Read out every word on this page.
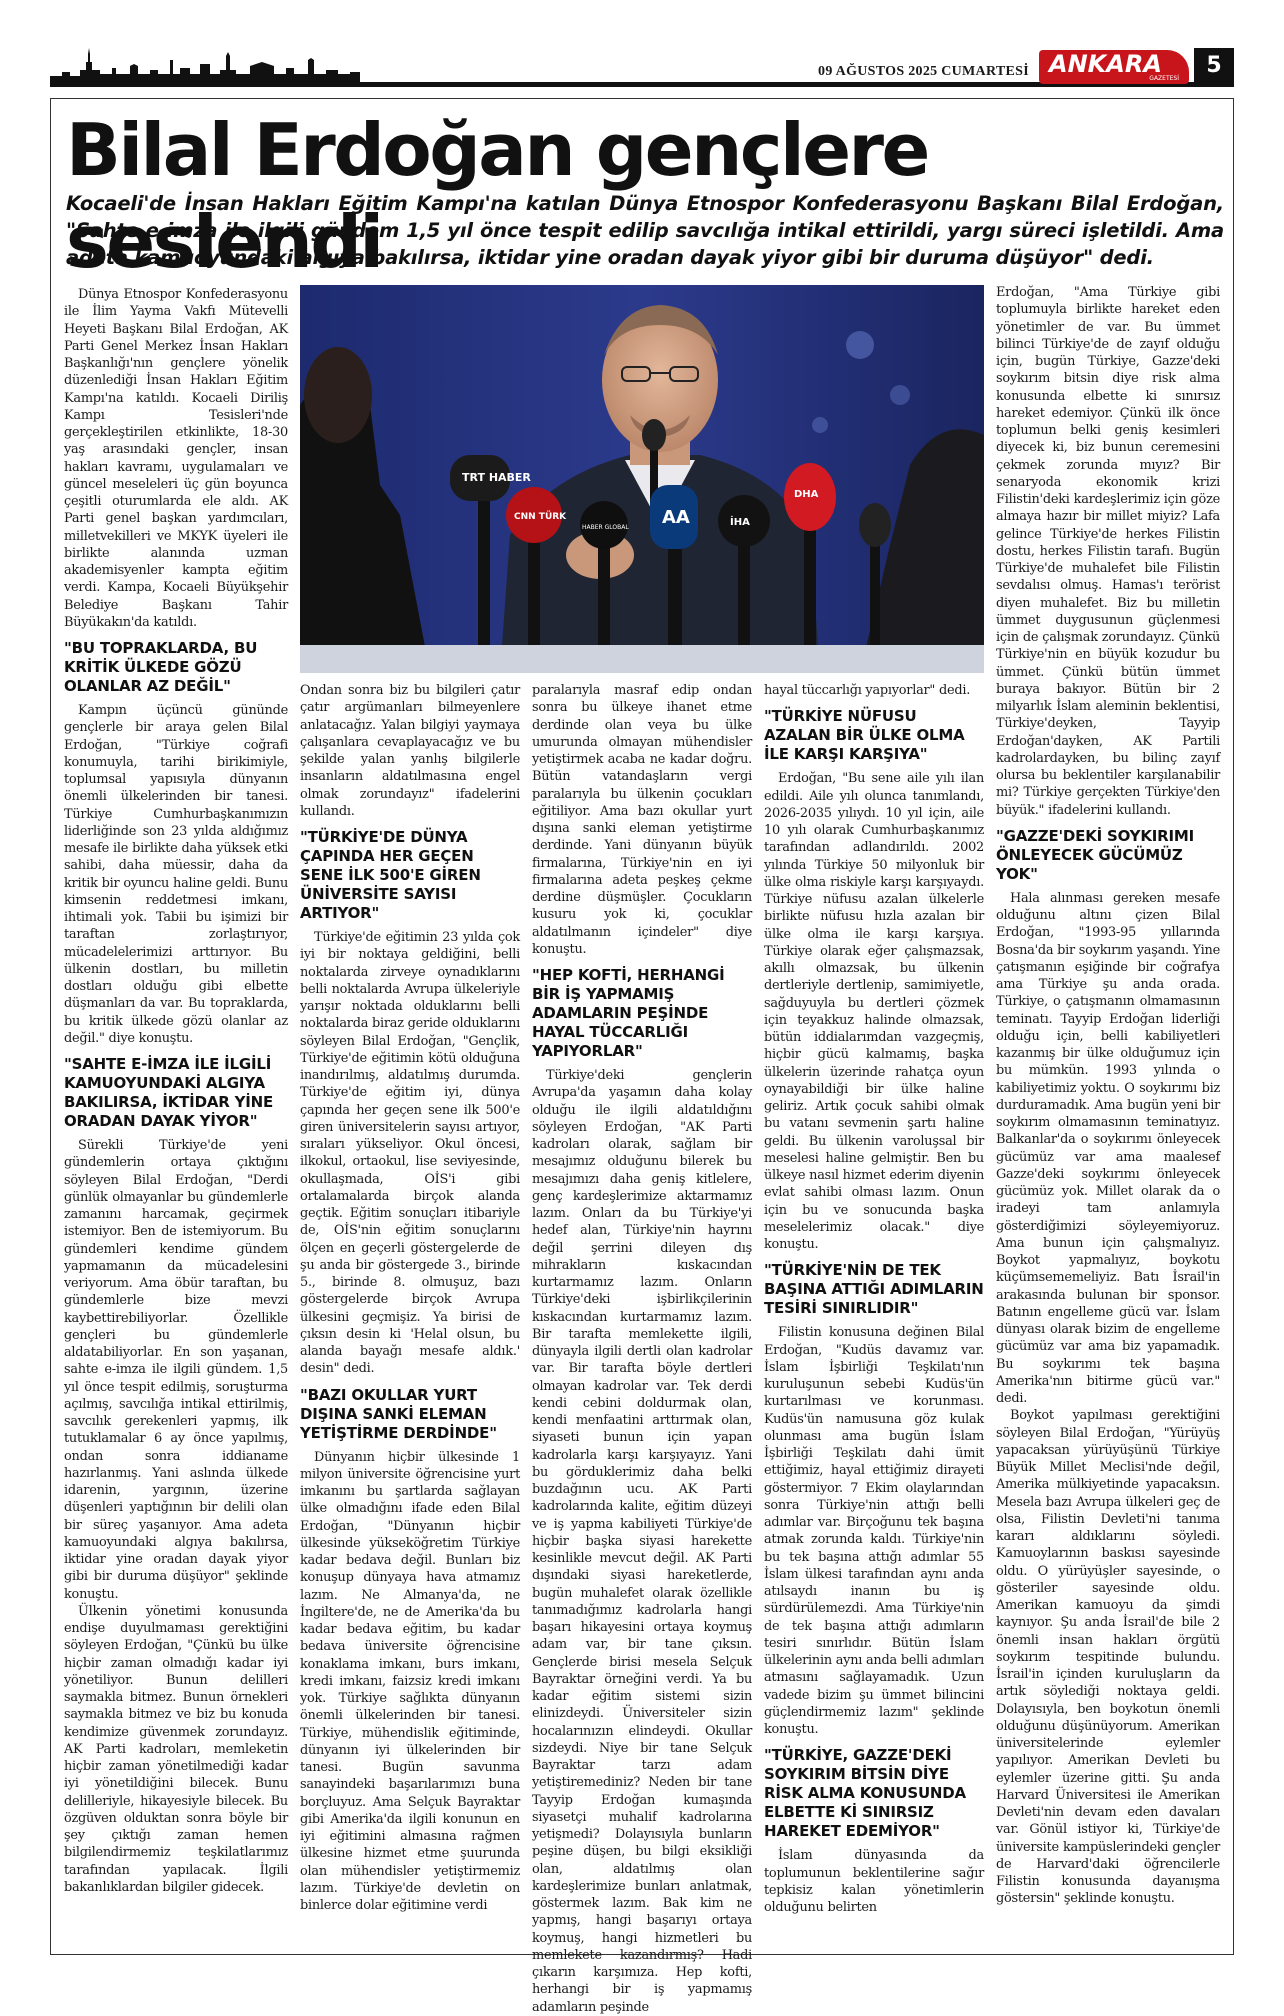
09 AĞUSTOS 2025 CUMARTESİ ANKARA
GAZETESİ
5
Bilal Erdoğan gençlere seslendi
Kocaeli'de İnsan Hakları Eğitim Kampı'na katılan Dünya Etnospor Konfederasyonu Başkanı Bilal Erdoğan, "Sahte e-imza ile ilgili gündem 1,5 yıl önce tespit edilip savcılığa intikal ettirildi, yargı süreci işletildi. Ama adeta kamuoyundaki algıya bakılırsa, iktidar yine oradan dayak yiyor gibi bir duruma düşüyor" dedi.

Dünya Etnospor Konfederasyonu ile İlim Yayma Vakfı Mütevelli Heyeti Başkanı Bilal Erdoğan, AK Parti Genel Merkez İnsan Hakları Başkanlığı'nın gençlere yönelik düzenlediği İnsan Hakları Eğitim Kampı'na katıldı. Kocaeli Diriliş Kampı Tesisleri'nde gerçekleştirilen etkinlikte, 18-30 yaş arasındaki gençler, insan hakları kavramı, uygulamaları ve güncel meseleleri üç gün boyunca çeşitli oturumlarda ele aldı. AK Parti genel başkan yardımcıları, milletvekilleri ve MKYK üyeleri ile birlikte alanında uzman akademisyenler kampta eğitim verdi. Kampa, Kocaeli Büyükşehir Belediye Başkanı Tahir Büyükakın'da katıldı.

"BU TOPRAKLARDA, BU KRİTİK ÜLKEDE GÖZÜ OLANLAR AZ DEĞİL"

Kampın üçüncü gününde gençlerle bir araya gelen Bilal Erdoğan, "Türkiye coğrafi konumuyla, tarihi birikimiyle, toplumsal yapısıyla dünyanın önemli ülkelerinden bir tanesi. Türkiye Cumhurbaşkanımızın liderliğinde son 23 yılda aldığımız mesafe ile birlikte daha yüksek etki sahibi, daha müessir, daha da kritik bir oyuncu haline geldi. Bunu kimsenin reddetmesi imkanı, ihtimali yok. Tabii bu işimizi bir taraftan zorlaştırıyor, mücadelelerimizi arttırıyor. Bu ülkenin dostları, bu milletin dostları olduğu gibi elbette düşmanları da var. Bu topraklarda, bu kritik ülkede gözü olanlar az değil." diye konuştu.

"SAHTE E-İMZA İLE İLGİLİ KAMUOYUNDAKİ ALGIYA BAKILIRSA, İKTİDAR YİNE ORADAN DAYAK YİYOR"

Sürekli Türkiye'de yeni gündemlerin ortaya çıktığını söyleyen Bilal Erdoğan, "Derdi günlük olmayanlar bu gündemlerle zamanını harcamak, geçirmek istemiyor. Ben de istemiyorum. Bu gündemleri kendime gündem yapmamanın da mücadelesini veriyorum. Ama öbür taraftan, bu gündemlerle bize mevzi kaybettirebiliyorlar. Özellikle gençleri bu gündemlerle aldatabiliyorlar. En son yaşanan, sahte e-imza ile ilgili gündem. 1,5 yıl önce tespit edilmiş, soruşturma açılmış, savcılığa intikal ettirilmiş, savcılık gerekenleri yapmış, ilk tutuklamalar 6 ay önce yapılmış, ondan sonra iddianame hazırlanmış. Yani aslında ülkede idarenin, yargının, üzerine düşenleri yaptığının bir delili olan bir süreç yaşanıyor. Ama adeta kamuoyundaki algıya bakılırsa, iktidar yine oradan dayak yiyor gibi bir duruma düşüyor" şeklinde konuştu.

Ülkenin yönetimi konusunda endişe duyulmaması gerektiğini söyleyen Erdoğan, "Çünkü bu ülke hiçbir zaman olmadığı kadar iyi yönetiliyor. Bunun delilleri saymakla bitmez. Bunun örnekleri saymakla bitmez ve biz bu konuda kendimize güvenmek zorundayız. AK Parti kadroları, memleketin hiçbir zaman yönetilmediği kadar iyi yönetildiğini bilecek. Bunu delilleriyle, hikayesiyle bilecek. Bu özgüven olduktan sonra böyle bir şey çıktığı zaman hemen bilgilendirmemiz teşkilatlarımız tarafından yapılacak. İlgili bakanlıklardan bilgiler gidecek.

TRT HABER
CNN TÜRK
HABER GLOBAL AA	İHA
DHA

Ondan sonra biz bu bilgileri çatır çatır argümanları bilmeyenlere anlatacağız. Yalan bilgiyi yaymaya çalışanlara cevaplayacağız ve bu şekilde yalan yanlış bilgilerle insanların aldatılmasına engel olmak zorundayız" ifadelerini kullandı.

"TÜRKİYE'DE DÜNYA ÇAPINDA HER GEÇEN SENE İLK 500'E GİREN ÜNİVERSİTE SAYISI ARTIYOR"

Türkiye'de eğitimin 23 yılda çok iyi bir noktaya geldiğini, belli noktalarda zirveye oynadıklarını belli noktalarda Avrupa ülkeleriyle yarışır noktada olduklarını belli noktalarda biraz geride olduklarını söyleyen Bilal Erdoğan, "Gençlik, Türkiye'de eğitimin kötü olduğuna inandırılmış, aldatılmış durumda. Türkiye'de eğitim iyi, dünya çapında her geçen sene ilk 500'e giren üniversitelerin sayısı artıyor, sıraları yükseliyor. Okul öncesi, ilkokul, ortaokul, lise seviyesinde, okullaşmada, OİS'i gibi ortalamalarda birçok alanda geçtik. Eğitim sonuçları itibariyle de, OİS'nin eğitim sonuçlarını ölçen en geçerli göstergelerde de şu anda bir göstergede 3., birinde 5., birinde 8. olmuşuz, bazı göstergelerde birçok Avrupa ülkesini geçmişiz. Ya birisi de çıksın desin ki 'Helal olsun, bu alanda bayağı mesafe aldık.' desin" dedi.

"BAZI OKULLAR YURT DIŞINA SANKİ ELEMAN YETİŞTİRME DERDİNDE"

Dünyanın hiçbir ülkesinde 1 milyon üniversite öğrencisine yurt imkanını bu şartlarda sağlayan ülke olmadığını ifade eden Bilal Erdoğan, "Dünyanın hiçbir ülkesinde yükseköğretim Türkiye kadar bedava değil. Bunları biz konuşup dünyaya hava atmamız lazım. Ne Almanya'da, ne İngiltere'de, ne de Amerika'da bu kadar bedava eğitim, bu kadar bedava üniversite öğrencisine konaklama imkanı, burs imkanı, kredi imkanı, faizsiz kredi imkanı yok. Türkiye sağlıkta dünyanın önemli ülkelerinden bir tanesi. Türkiye, mühendislik eğitiminde, dünyanın iyi ülkelerinden bir tanesi. Bugün savunma sanayindeki başarılarımızı buna borçluyuz. Ama Selçuk Bayraktar gibi Amerika'da ilgili konunun en iyi eğitimini almasına rağmen ülkesine hizmet etme şuurunda olan mühendisler yetiştirmemiz lazım. Türkiye'de devletin on binlerce dolar eğitimine verdi

paralarıyla masraf edip ondan sonra bu ülkeye ihanet etme derdinde olan veya bu ülke umurunda olmayan mühendisler yetiştirmek acaba ne kadar doğru. Bütün vatandaşların vergi paralarıyla bu ülkenin çocukları eğitiliyor. Ama bazı okullar yurt dışına sanki eleman yetiştirme derdinde. Yani dünyanın büyük firmalarına, Türkiye'nin en iyi firmalarına adeta peşkeş çekme derdine düşmüşler. Çocukların kusuru yok ki, çocuklar aldatılmanın içindeler" diye konuştu.

"HEP KOFTİ, HERHANGİ BİR İŞ YAPMAMIŞ ADAMLARIN PEŞİNDE HAYAL TÜCCARLIĞI YAPIYORLAR"

Türkiye'deki gençlerin Avrupa'da yaşamın daha kolay olduğu ile ilgili aldatıldığını söyleyen Erdoğan, "AK Parti kadroları olarak, sağlam bir mesajımız olduğunu bilerek bu mesajımızı daha geniş kitlelere, genç kardeşlerimize aktarmamız lazım. Onları da bu Türkiye'yi hedef alan, Türkiye'nin hayrını değil şerrini dileyen dış mihrakların kıskacından kurtarmamız lazım. Onların Türkiye'deki işbirlikçilerinin kıskacından kurtarmamız lazım. Bir tarafta memlekette ilgili, dünyayla ilgili dertli olan kadrolar var. Bir tarafta böyle dertleri olmayan kadrolar var. Tek derdi kendi cebini doldurmak olan, kendi menfaatini arttırmak olan, siyaseti bunun için yapan kadrolarla karşı karşıyayız. Yani bu görduklerimiz daha belki buzdağının ucu. AK Parti kadrolarında kalite, eğitim düzeyi ve iş yapma kabiliyeti Türkiye'de hiçbir başka siyasi harekette kesinlikle mevcut değil. AK Parti dışındaki siyasi hareketlerde, bugün muhalefet olarak özellikle tanımadığımız kadrolarla hangi başarı hikayesini ortaya koymuş adam var, bir tane çıksın. Gençlerde birisi mesela Selçuk Bayraktar örneğini verdi. Ya bu kadar eğitim sistemi sizin elinizdeydi. Üniversiteler sizin hocalarınızın elindeydi. Okullar sizdeydi. Niye bir tane Selçuk Bayraktar tarzı adam yetiştiremediniz? Neden bir tane Tayyip Erdoğan kumaşında siyasetçi muhalif kadrolarına yetişmedi? Dolayısıyla bunların peşine düşen, bu bilgi eksikliği olan, aldatılmış olan kardeşlerimize bunları anlatmak, göstermek lazım. Bak kim ne yapmış, hangi başarıyı ortaya koymuş, hangi hizmetleri bu memlekete kazandırmış? Hadi çıkarın karşımıza. Hep kofti, herhangi bir iş yapmamış adamların peşinde

hayal tüccarlığı yapıyorlar" dedi.

"TÜRKİYE NÜFUSU AZALAN BİR ÜLKE OLMA İLE KARŞI KARŞIYA"

Erdoğan, "Bu sene aile yılı ilan edildi. Aile yılı olunca tanımlandı, 2026-2035 yılıydı. 10 yıl için, aile 10 yılı olarak Cumhurbaşkanımız tarafından adlandırıldı. 2002 yılında Türkiye 50 milyonluk bir ülke olma riskiyle karşı karşıyaydı. Türkiye nüfusu azalan ülkelerle birlikte nüfusu hızla azalan bir ülke olma ile karşı karşıya. Türkiye olarak eğer çalışmazsak, akıllı olmazsak, bu ülkenin dertleriyle dertlenip, samimiyetle, sağduyuyla bu dertleri çözmek için teyakkuz halinde olmazsak, bütün iddialarımdan vazgeçmiş, hiçbir gücü kalmamış, başka ülkelerin üzerinde rahatça oyun oynayabildiği bir ülke haline geliriz. Artık çocuk sahibi olmak bu vatanı sevmenin şartı haline geldi. Bu ülkenin varoluşsal bir meselesi haline gelmiştir. Ben bu ülkeye nasıl hizmet ederim diyenin evlat sahibi olması lazım. Onun için bu ve sonucunda başka meselelerimiz olacak." diye konuştu.

"TÜRKİYE'NİN DE TEK BAŞINA ATTIĞI ADIMLARIN TESİRİ SINIRLIDIR"

Filistin konusuna değinen Bilal Erdoğan, "Kudüs davamız var. İslam İşbirliği Teşkilatı'nın kuruluşunun sebebi Kudüs'ün kurtarılması ve korunması. Kudüs'ün namusuna göz kulak olunması ama bugün İslam İşbirliği Teşkilatı dahi ümit ettiğimiz, hayal ettiğimiz dirayeti göstermiyor. 7 Ekim olaylarından sonra Türkiye'nin attığı belli adımlar var. Birçoğunu tek başına atmak zorunda kaldı. Türkiye'nin bu tek başına attığı adımlar 55 İslam ülkesi tarafından aynı anda atılsaydı inanın bu iş sürdürülemezdi. Ama Türkiye'nin de tek başına attığı adımların tesiri sınırlıdır. Bütün İslam ülkelerinin aynı anda belli adımları atmasını sağlayamadık. Uzun vadede bizim şu ümmet bilincini güçlendirmemiz lazım" şeklinde konuştu.

"TÜRKİYE, GAZZE'DEKİ SOYKIRIM BİTSİN DİYE RİSK ALMA KONUSUNDA ELBETTE Kİ SINIRSIZ HAREKET EDEMİYOR"

İslam dünyasında da toplumunun beklentilerine sağır tepkisiz kalan yönetimlerin olduğunu belirten

Erdoğan, "Ama Türkiye gibi toplumuyla birlikte hareket eden yönetimler de var. Bu ümmet bilinci Türkiye'de de zayıf olduğu için, bugün Türkiye, Gazze'deki soykırım bitsin diye risk alma konusunda elbette ki sınırsız hareket edemiyor. Çünkü ilk önce toplumun belki geniş kesimleri diyecek ki, biz bunun ceremesini çekmek zorunda mıyız? Bir senaryoda ekonomik krizi Filistin'deki kardeşlerimiz için göze almaya hazır bir millet miyiz? Lafa gelince Türkiye'de herkes Filistin dostu, herkes Filistin tarafı. Bugün Türkiye'de muhalefet bile Filistin sevdalısı olmuş. Hamas'ı terörist diyen muhalefet. Biz bu milletin ümmet duygusunun güçlenmesi için de çalışmak zorundayız. Çünkü Türkiye'nin en büyük kozudur bu ümmet. Çünkü bütün ümmet buraya bakıyor. Bütün bir 2 milyarlık İslam aleminin beklentisi, Türkiye'deyken, Tayyip Erdoğan'dayken, AK Partili kadrolardayken, bu bilinç zayıf olursa bu beklentiler karşılanabilir mi? Türkiye gerçekten Türkiye'den büyük." ifadelerini kullandı.

"GAZZE'DEKİ SOYKIRIMI ÖNLEYECEK GÜCÜMÜZ YOK"

Hala alınması gereken mesafe olduğunu altını çizen Bilal Erdoğan, "1993-95 yıllarında Bosna'da bir soykırım yaşandı. Yine çatışmanın eşiğinde bir coğrafya ama Türkiye şu anda orada. Türkiye, o çatışmanın olmamasının teminatı. Tayyip Erdoğan liderliği olduğu için, belli kabiliyetleri kazanmış bir ülke olduğumuz için bu mümkün. 1993 yılında o kabiliyetimiz yoktu. O soykırımı biz durduramadık. Ama bugün yeni bir soykırım olmamasının teminatıyız. Balkanlar'da o soykırımı önleyecek gücümüz var ama maalesef Gazze'deki soykırımı önleyecek gücümüz yok. Millet olarak da o iradeyi tam anlamıyla gösterdiğimizi söyleyemiyoruz. Ama bunun için çalışmalıyız. Boykot yapmalıyız, boykotu küçümsememeliyiz. Batı İsrail'in arakasında bulunan bir sponsor. Batının engelleme gücü var. İslam dünyası olarak bizim de engelleme gücümüz var ama biz yapamadık. Bu soykırımı tek başına Amerika'nın bitirme gücü var." dedi.

Boykot yapılması gerektiğini söyleyen Bilal Erdoğan, "Yürüyüş yapacaksan yürüyüşünü Türkiye Büyük Millet Meclisi'nde değil, Amerika mülkiyetinde yapacaksın. Mesela bazı Avrupa ülkeleri geç de olsa, Filistin Devleti'ni tanıma kararı aldıklarını söyledi. Kamuoylarının baskısı sayesinde oldu. O yürüyüşler sayesinde, o gösteriler sayesinde oldu. Amerikan kamuoyu da şimdi kaynıyor. Şu anda İsrail'de bile 2 önemli insan hakları örgütü soykırım tespitinde bulundu. İsrail'in içinden kuruluşların da artık söylediği noktaya geldi. Dolayısıyla, ben boykotun önemli olduğunu düşünüyorum. Amerikan üniversitelerinde eylemler yapılıyor. Amerikan Devleti bu eylemler üzerine gitti. Şu anda Harvard Üniversitesi ile Amerikan Devleti'nin devam eden davaları var. Gönül istiyor ki, Türkiye'de üniversite kampüslerindeki gençler de Harvard'daki öğrencilerle Filistin konusunda dayanışma göstersin" şeklinde konuştu.
